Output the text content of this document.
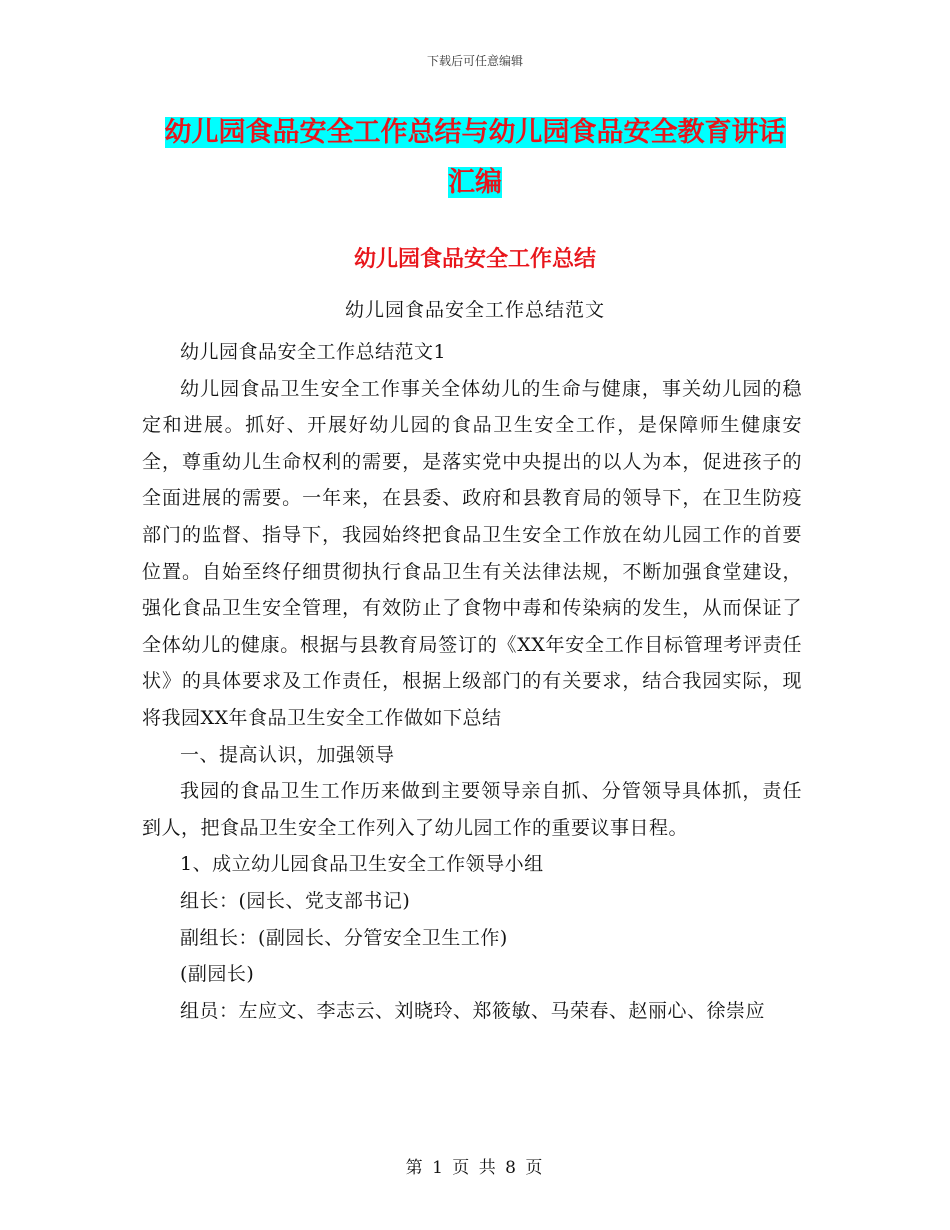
下载后可任意编辑
幼儿园食品安全工作总结与幼儿园食品安全教育讲话
汇编
幼儿园食品安全工作总结
幼儿园食品安全工作总结范文

幼儿园食品安全工作总结范文1

幼儿园食品卫生安全工作事关全体幼儿的生命与健康，事关幼儿园的稳定和进展。抓好、开展好幼儿园的食品卫生安全工作，是保障师生健康安全，尊重幼儿生命权利的需要，是落实党中央提出的以人为本，促进孩子的全面进展的需要。一年来，在县委、政府和县教育局的领导下，在卫生防疫部门的监督、指导下，我园始终把食品卫生安全工作放在幼儿园工作的首要位置。自始至终仔细贯彻执行食品卫生有关法律法规，不断加强食堂建设，强化食品卫生安全管理，有效防止了食物中毒和传染病的发生，从而保证了全体幼儿的健康。根据与县教育局签订的《XX年安全工作目标管理考评责任状》的具体要求及工作责任，根据上级部门的有关要求，结合我园实际，现将我园XX年食品卫生安全工作做如下总结

一、提高认识，加强领导

我园的食品卫生工作历来做到主要领导亲自抓、分管领导具体抓，责任到人，把食品卫生安全工作列入了幼儿园工作的重要议事日程。

1、成立幼儿园食品卫生安全工作领导小组

组长：(园长、党支部书记)

副组长：(副园长、分管安全卫生工作)

(副园长)

组员：左应文、李志云、刘晓玲、郑筱敏、马荣春、赵丽心、徐崇应

第 1 页 共 8 页
